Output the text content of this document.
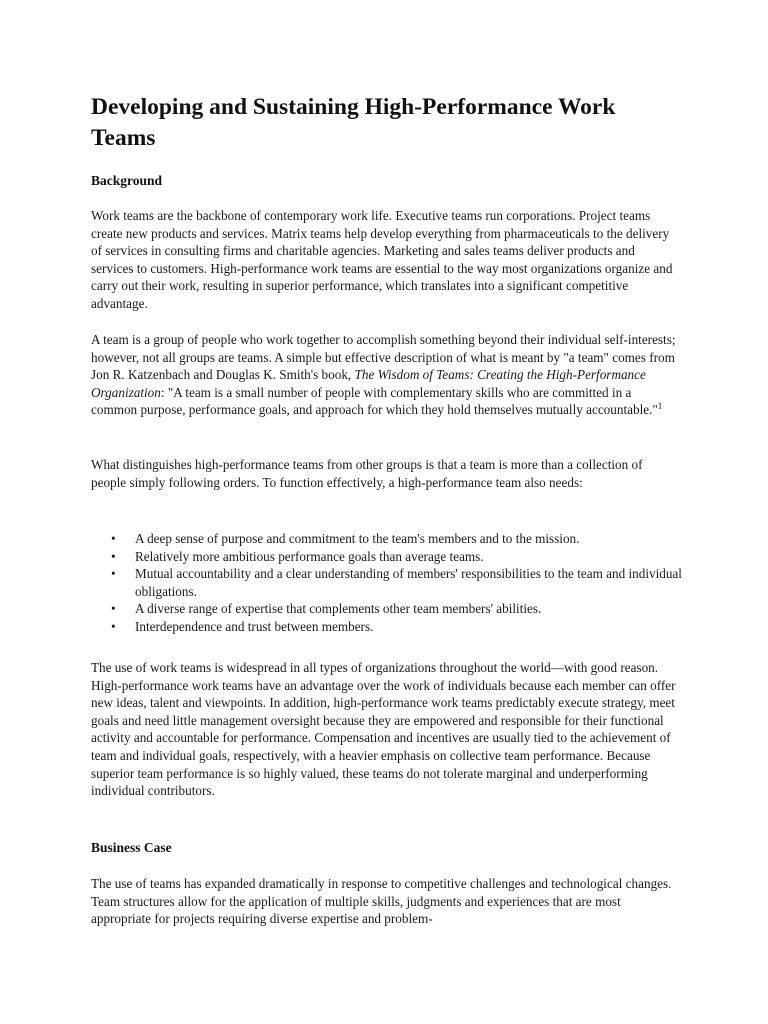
Developing and Sustaining High-Performance Work Teams
Background

Work teams are the backbone of contemporary work life. Executive teams run corporations. Project teams create new products and services. Matrix teams help develop everything from pharmaceuticals to the delivery of services in consulting firms and charitable agencies. Marketing and sales teams deliver products and services to customers. High-performance work teams are essential to the way most organizations organize and carry out their work, resulting in superior performance, which translates into a significant competitive advantage.

A team is a group of people who work together to accomplish something beyond their individual self-interests; however, not all groups are teams. A simple but effective description of what is meant by "a team" comes from Jon R. Katzenbach and Douglas K. Smith's book, The Wisdom of Teams: Creating the High-Performance Organization: "A team is a small number of people with complementary skills who are committed in a common purpose, performance goals, and approach for which they hold themselves mutually accountable."$^1$

What distinguishes high-performance teams from other groups is that a team is more than a collection of people simply following orders. To function effectively, a high-performance team also needs:

• A deep sense of purpose and commitment to the team's members and to the mission.
• Relatively more ambitious performance goals than average teams.
• Mutual accountability and a clear understanding of members' responsibilities to the team and individual obligations.
• A diverse range of expertise that complements other team members' abilities.
• Interdependence and trust between members.

The use of work teams is widespread in all types of organizations throughout the world—with good reason. High-performance work teams have an advantage over the work of individuals because each member can offer new ideas, talent and viewpoints. In addition, high-performance work teams predictably execute strategy, meet goals and need little management oversight because they are empowered and responsible for their functional activity and accountable for performance. Compensation and incentives are usually tied to the achievement of team and individual goals, respectively, with a heavier emphasis on collective team performance. Because superior team performance is so highly valued, these teams do not tolerate marginal and underperforming individual contributors.

Business Case

The use of teams has expanded dramatically in response to competitive challenges and technological changes. Team structures allow for the application of multiple skills, judgments and experiences that are most appropriate for projects requiring diverse expertise and problem-
